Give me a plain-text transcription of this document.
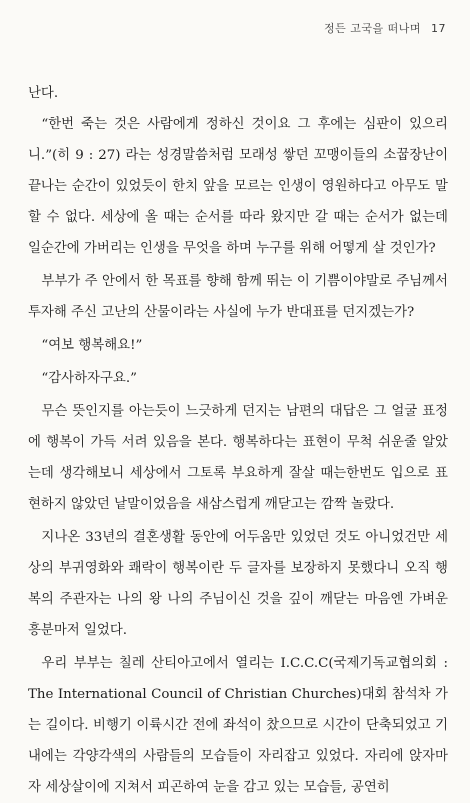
정든 고국을 떠나며 17

난다.

“한번 죽는 것은 사람에게 정하신 것이요 그 후에는 심판이 있으리니.”(히 9 : 27) 라는 성경말씀처럼 모래성 쌓던 꼬맹이들의 소꿉장난이 끝나는 순간이 있었듯이 한치 앞을 모르는 인생이 영원하다고 아무도 말할 수 없다. 세상에 올 때는 순서를 따라 왔지만 갈 때는 순서가 없는데 일순간에 가버리는 인생을 무엇을 하며 누구를 위해 어떻게 살 것인가?

부부가 주 안에서 한 목표를 향해 함께 뛰는 이 기쁨이야말로 주님께서 투자해 주신 고난의 산물이라는 사실에 누가 반대표를 던지겠는가?

“여보 행복해요!”

“감사하자구요.”

무슨 뜻인지를 아는듯이 느긋하게 던지는 남편의 대답은 그 얼굴 표정에 행복이 가득 서려 있음을 본다. 행복하다는 표현이 무척 쉬운줄 알았는데 생각해보니 세상에서 그토록 부요하게 잘살 때는한번도 입으로 표현하지 않았던 낱말이었음을 새삼스럽게 깨닫고는 깜짝 놀랐다.

지나온 33년의 결혼생활 동안에 어두움만 있었던 것도 아니었건만 세상의 부귀영화와 쾌락이 행복이란 두 글자를 보장하지 못했다니 오직 행복의 주관자는 나의 왕 나의 주님이신 것을 깊이 깨닫는 마음엔 가벼운 흥분마저 일었다.

우리 부부는 칠레 산티아고에서 열리는 I.C.C.C(국제기독교협의회 : The International Council of Christian Churches)대회 참석차 가는 길이다. 비행기 이륙시간 전에 좌석이 찼으므로 시간이 단축되었고 기내에는 각양각색의 사람들의 모습들이 자리잡고 있었다. 자리에 앉자마자 세상살이에 지쳐서 피곤하여 눈을 감고 있는 모습들, 공연히
